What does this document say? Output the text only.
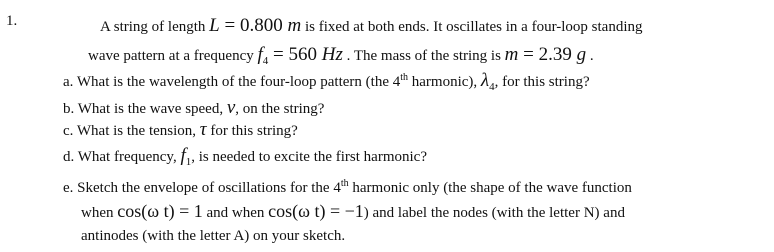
1.	A string of length L = 0.800 m is fixed at both ends. It oscillates in a four-loop standing
wave pattern at a frequency $f_4 = 560$ Hz . The mass of the string is m = 2.39 g .
a. What is the wavelength of the four-loop pattern (the 4th harmonic), $\lambda_4$, for this string?
b. What is the wave speed, v, on the string?
c. What is the tension, τ for this string?
d. What frequency, $f_1$, is needed to excite the first harmonic?
e. Sketch the envelope of oscillations for the 4th harmonic only (the shape of the wave function
when cos(ω t) = 1 and when cos(ω t) = −1) and label the nodes (with the letter N) and
antinodes (with the letter A) on your sketch.
